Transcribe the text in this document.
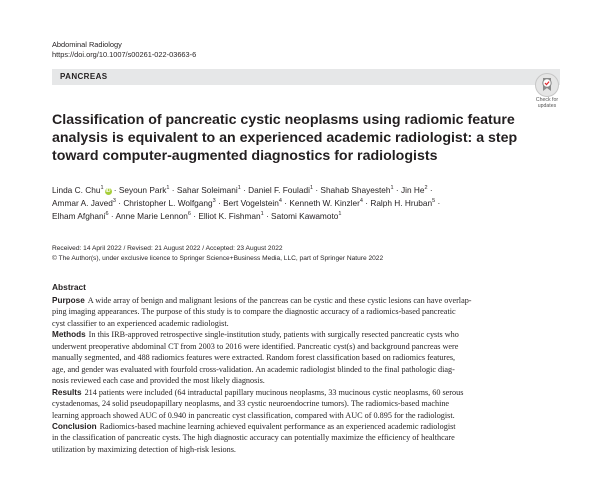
Abdominal Radiology
https://doi.org/10.1007/s00261-022-03663-6
PANCREAS
Check for
updates
Classification of pancreatic cystic neoplasms using radiomic feature
analysis is equivalent to an experienced academic radiologist: a step
toward computer-augmented diagnostics for radiologists
Linda C. Chu$^1$ iD · Seyoun Park$^1$ · Sahar Soleimani$^1$ · Daniel F. Fouladi$^1$ · Shahab Shayesteh$^1$ · Jin $He^2$ ·
Ammar A. Javed$^3$ · Christopher L. Wolfgang$^3$ · Bert Vogelstein$^4$ · Kenneth W. Kinzler$^4$ · Ralph H. Hruban$^5$ ·
Elham Afghani$^6$ · Anne Marie Lennon$^6$ · Elliot K. Fishman$^1$ · Satomi Kawamoto$^1$
Received: 14 April 2022 / Revised: 21 August 2022 / Accepted: 23 August 2022
© The Author(s), under exclusive licence to Springer Science+Business Media, LLC, part of Springer Nature 2022
Abstract
Purpose A wide array of benign and malignant lesions of the pancreas can be cystic and these cystic lesions can have overlap-
ping imaging appearances. The purpose of this study is to compare the diagnostic accuracy of a radiomics-based pancreatic
cyst classifier to an experienced academic radiologist.
Methods In this IRB-approved retrospective single-institution study, patients with surgically resected pancreatic cysts who
underwent preoperative abdominal CT from 2003 to 2016 were identified. Pancreatic cyst(s) and background pancreas were
manually segmented, and 488 radiomics features were extracted. Random forest classification based on radiomics features,
age, and gender was evaluated with fourfold cross-validation. An academic radiologist blinded to the final pathologic diag-
nosis reviewed each case and provided the most likely diagnosis.
Results 214 patients were included (64 intraductal papillary mucinous neoplasms, 33 mucinous cystic neoplasms, 60 serous
cystadenomas, 24 solid pseudopapillary neoplasms, and 33 cystic neuroendocrine tumors). The radiomics-based machine
learning approach showed AUC of 0.940 in pancreatic cyst classification, compared with AUC of 0.895 for the radiologist.
Conclusion Radiomics-based machine learning achieved equivalent performance as an experienced academic radiologist
in the classification of pancreatic cysts. The high diagnostic accuracy can potentially maximize the efficiency of healthcare
utilization by maximizing detection of high-risk lesions.
